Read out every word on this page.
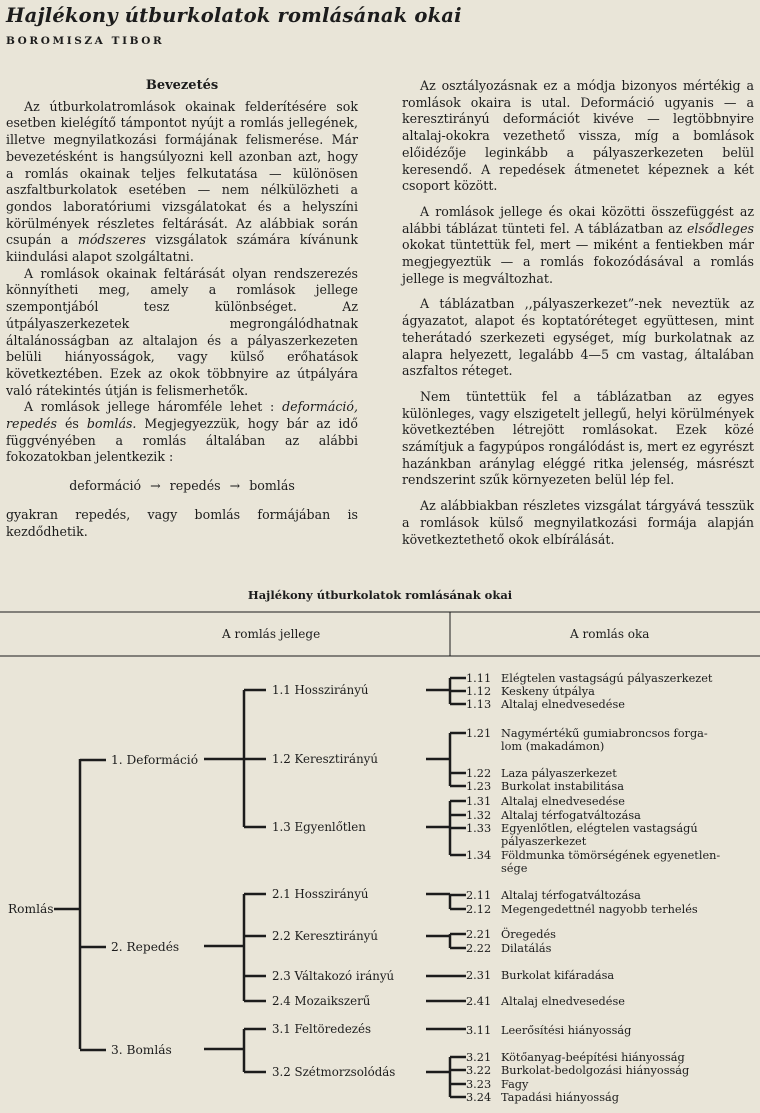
Hajlékony útburkolatok romlásának okai
BOROMISZA TIBOR
Bevezetés

Az útburkolatromlások okainak felderítésére sok esetben kielégítő támpontot nyújt a romlás jellegének, illetve megnyilatkozási formájának felismerése. Már bevezetésként is hangsúlyozni kell azonban azt, hogy a romlás okainak teljes felkutatása — különösen aszfaltburkolatok esetében — nem nélkülözheti a gondos laboratóriumi vizsgálatokat és a helyszíni körülmények részletes feltárását. Az alábbiak során csupán a módszeres vizsgálatok számára kívánunk kiindulási alapot szolgáltatni.

A romlások okainak feltárását olyan rendszerezés könnyítheti meg, amely a romlások jellege szempontjából tesz különbséget. Az útpályaszerkezetek megrongálódhatnak általánosságban az altalajon és a pályaszerkezeten belüli hiányosságok, vagy külső erőhatások következtében. Ezek az okok többnyire az útpályára való rátekintés útján is felismerhetők.

A romlások jellege háromféle lehet : deformáció, repedés és bomlás. Megjegyezzük, hogy bár az idő függvényében a romlás általában az alábbi fokozatokban jelentkezik :

deformáció → repedés → bomlás

gyakran repedés, vagy bomlás formájában is kezdődhetik.

Az osztályozásnak ez a módja bizonyos mértékig a romlások okaira is utal. Deformáció ugyanis — a keresztirányú deformációt kivéve — legtöbbnyire altalaj-okokra vezethető vissza, míg a bomlások előidézője leginkább a pályaszerkezeten belül keresendő. A repedések átmenetet képeznek a két csoport között.

A romlások jellege és okai közötti összefüggést az alábbi táblázat tünteti fel. A táblázatban az elsődleges okokat tüntettük fel, mert — miként a fentiekben már megjegyeztük — a romlás fokozódásával a romlás jellege is megváltozhat.

A táblázatban ,,pályaszerkezet”-nek neveztük az ágyazatot, alapot és koptatóréteget együttesen, mint teherátadó szerkezeti egységet, míg burkolatnak az alapra helyezett, legalább 4—5 cm vastag, általában aszfaltos réteget.

Nem tüntettük fel a táblázatban az egyes különleges, vagy elszigetelt jellegű, helyi körülmények következtében létrejött romlásokat. Ezek közé számítjuk a fagypúpos rongálódást is, mert ez egyrészt hazánkban aránylag eléggé ritka jelenség, másrészt rendszerint szűk környezeten belül lép fel.

Az alábbiakban részletes vizsgálat tárgyává tesszük a romlások külső megnyilatkozási formája alapján következtethető okok elbírálását.

Hajlékony útburkolatok romlásának okai
A romlás jellege	A romlás oka
Romlás
1. Deformáció
1.1 Hosszirányú
1.11 Elégtelen vastagságú pályaszerkezet
1.12 Keskeny útpálya
1.13 Altalaj elnedvesedése
1.2 Keresztirányú
1.21 Nagymértékű gumiabroncsos forga-
lom (makadámon)
1.22 Laza pályaszerkezet
1.23 Burkolat instabilitása
1.3 Egyenlőtlen
1.31 Altalaj elnedvesedése
1.32 Altalaj térfogatváltozása
1.33 Egyenlőtlen, elégtelen vastagságú
pályaszerkezet
1.34 Földmunka tömörségének egyenetlen-
sége
2. Repedés
2.1 Hosszirányú	2.11 Altalaj térfogatváltozása
2.12 Megengedettnél nagyobb terhelés
2.2 Keresztirányú	2.21 Öregedés
2.22 Dilatálás
2.3 Váltakozó irányú	2.31 Burkolat kifáradása
2.4 Mozaikszerű	2.41 Altalaj elnedvesedése
3. Bomlás
3.1 Feltöredezés	3.11 Leerősítési hiányosság
3.2 Szétmorzsolódás
3.21 Kötőanyag-beépítési hiányosság
3.22 Burkolat-bedolgozási hiányosság
3.23 Fagy
3.24 Tapadási hiányosság
